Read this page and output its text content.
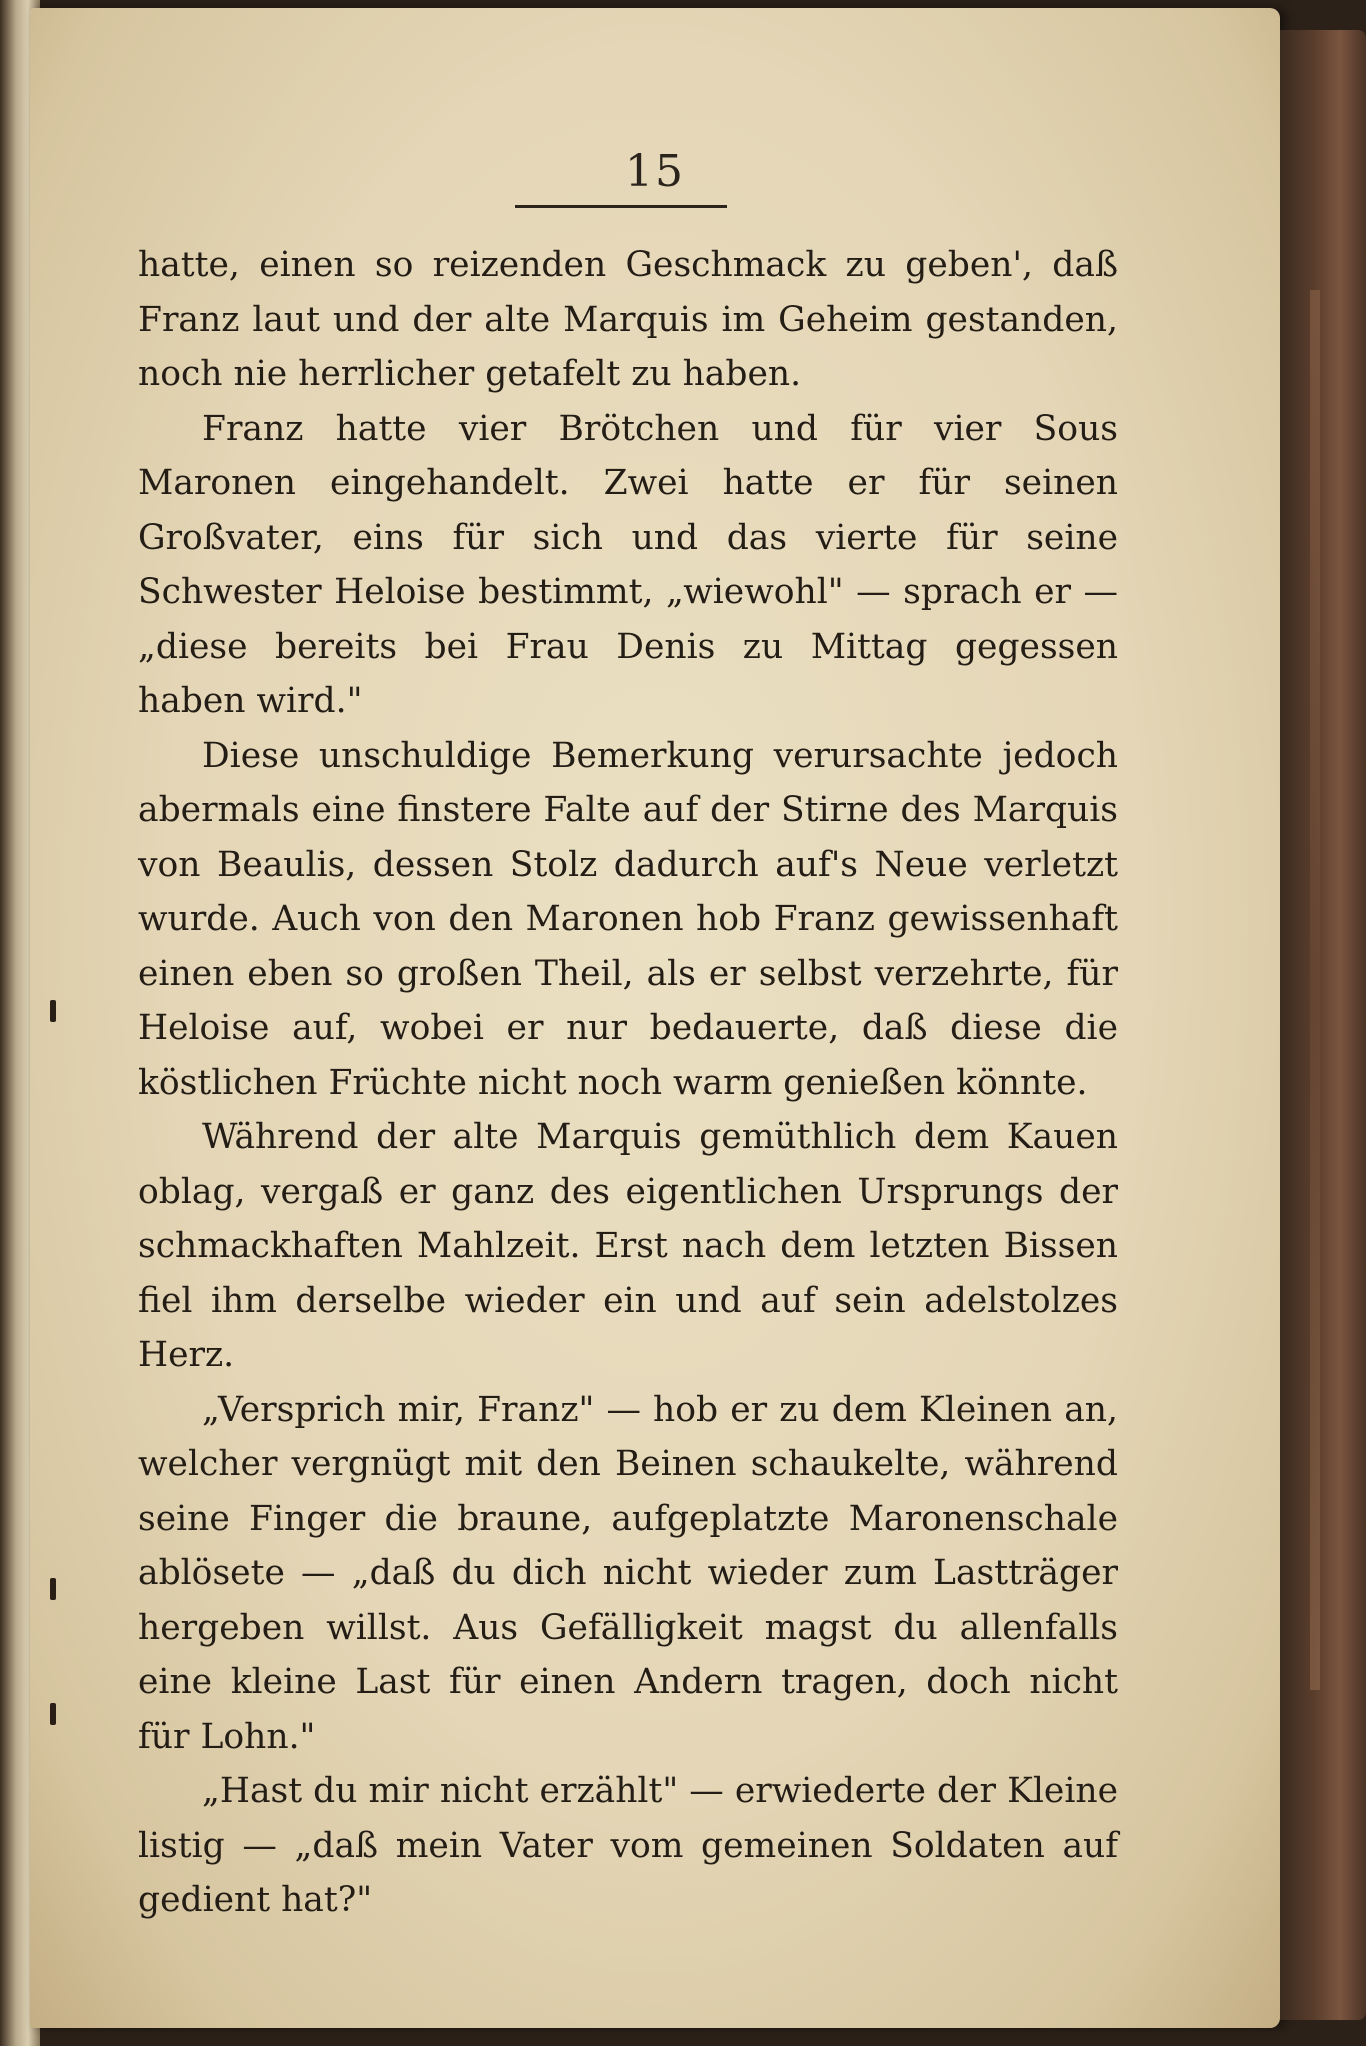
15

hatte, einen so reizenden Geschmack zu geben', daß Franz laut und der alte Marquis im Geheim gestanden, noch nie herrlicher getafelt zu haben.

Franz hatte vier Brötchen und für vier Sous Maronen eingehandelt. Zwei hatte er für seinen Großvater, eins für sich und das vierte für seine Schwester Heloise bestimmt, „wiewohl" — sprach er — „diese bereits bei Frau Denis zu Mittag gegessen haben wird."

Diese unschuldige Bemerkung verursachte jedoch abermals eine finstere Falte auf der Stirne des Marquis von Beaulis, dessen Stolz dadurch auf's Neue verletzt wurde. Auch von den Maronen hob Franz gewissenhaft einen eben so großen Theil, als er selbst verzehrte, für Heloise auf, wobei er nur bedauerte, daß diese die köstlichen Früchte nicht noch warm genießen könnte.

Während der alte Marquis gemüthlich dem Kauen oblag, vergaß er ganz des eigentlichen Ursprungs der schmackhaften Mahlzeit. Erst nach dem letzten Bissen fiel ihm derselbe wieder ein und auf sein adelstolzes Herz.

„Versprich mir, Franz" — hob er zu dem Kleinen an, welcher vergnügt mit den Beinen schaukelte, während seine Finger die braune, aufgeplatzte Maronenschale ablösete — „daß du dich nicht wieder zum Lastträger hergeben willst. Aus Gefälligkeit magst du allenfalls eine kleine Last für einen Andern tragen, doch nicht für Lohn."

„Hast du mir nicht erzählt" — erwiederte der Kleine listig — „daß mein Vater vom gemeinen Soldaten auf gedient hat?"
